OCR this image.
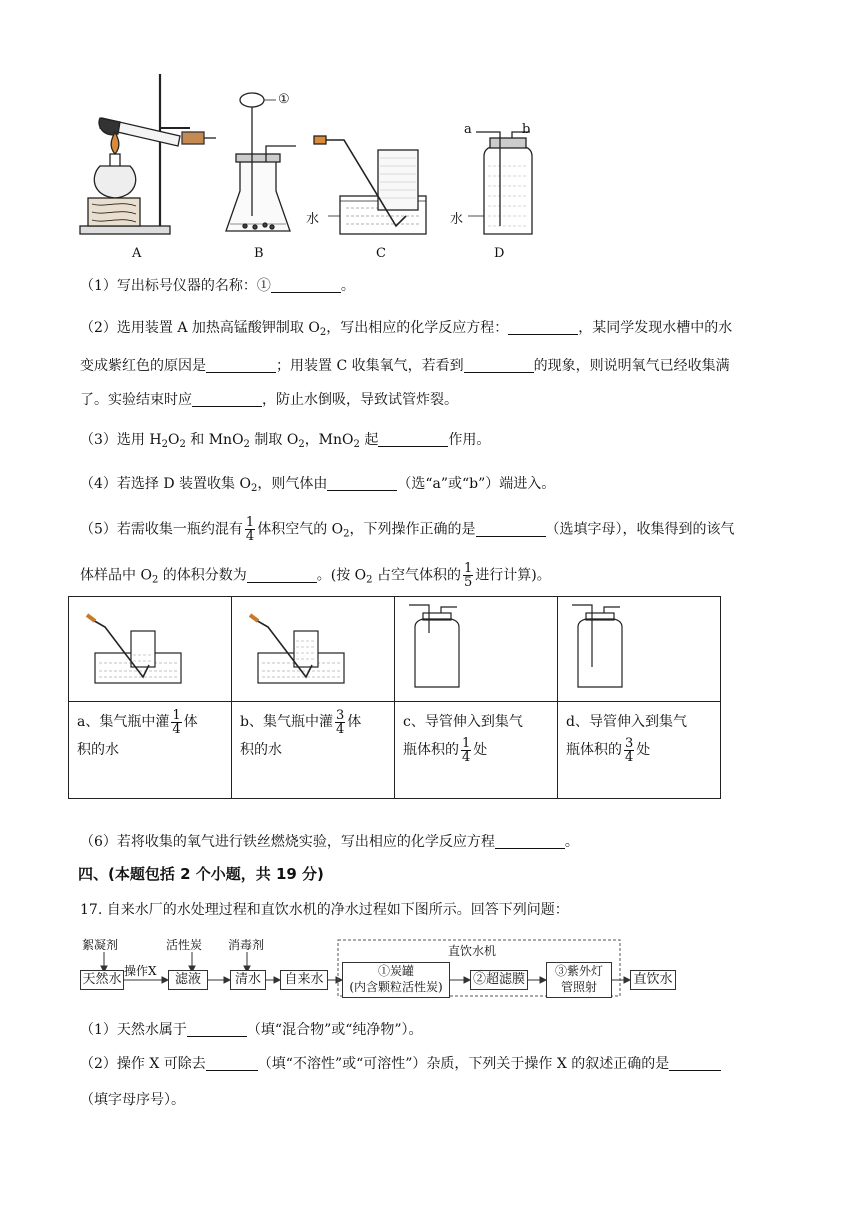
①
水	水
a	b
A	B	C	D
（1）写出标号仪器的名称：①	。
（2）选用装置 A 加热高锰酸钾制取 $O_2$，写出相应的化学反应方程：	，某同学发现水槽中的水
变成紫红色的原因是	；用装置 C 收集氧气，若看到	的现象，则说明氧气已经收集满
了。实验结束时应	，防止水倒吸，导致试管炸裂。
（3）选用 $H_2O_2$ 和 MnO$_2$ 制取 $O_2$，MnO$_2$ 起	作用。
（4）若选择 D 装置收集 $O_2$，则气体由	（选“a”或“b”）端进入。
（5）若需收集一瓶约混有 $\frac{1}{4}$ 体积空气的 $O_2$，下列操作正确的是	（选填字母），收集得到的该气
体样品中 $O_2$ 的体积分数为	。(按 $O_2$ 占空气体积的 $\frac{1}{5}$ 进行计算)。

a、集气瓶中灌 $\frac{1}{4}$ 体
积的水	b、集气瓶中灌 $\frac{3}{4}$ 体
积的水	c、导管伸入到集气
瓶体积的 $\frac{1}{4}$ 处	d、导管伸入到集气
瓶体积的 $\frac{3}{4}$ 处
（6）若将收集的氧气进行铁丝燃烧实验，写出相应的化学反应方程	。
四、(本题包括 2 个小题，共 19 分)
17. 自来水厂的水处理过程和直饮水机的净水过程如下图所示。回答下列问题：
絮凝剂	活性炭 消毒剂
操作X
直饮水机
天然水	滤液	清水	自来水
①炭罐
(内含颗粒活性炭)	②超滤膜
③紫外灯
管照射	直饮水
（1）天然水属于	（填“混合物”或“纯净物”）。
（2）操作 X 可除去	（填“不溶性”或“可溶性”）杂质，下列关于操作 X 的叙述正确的是
（填字母序号）。
